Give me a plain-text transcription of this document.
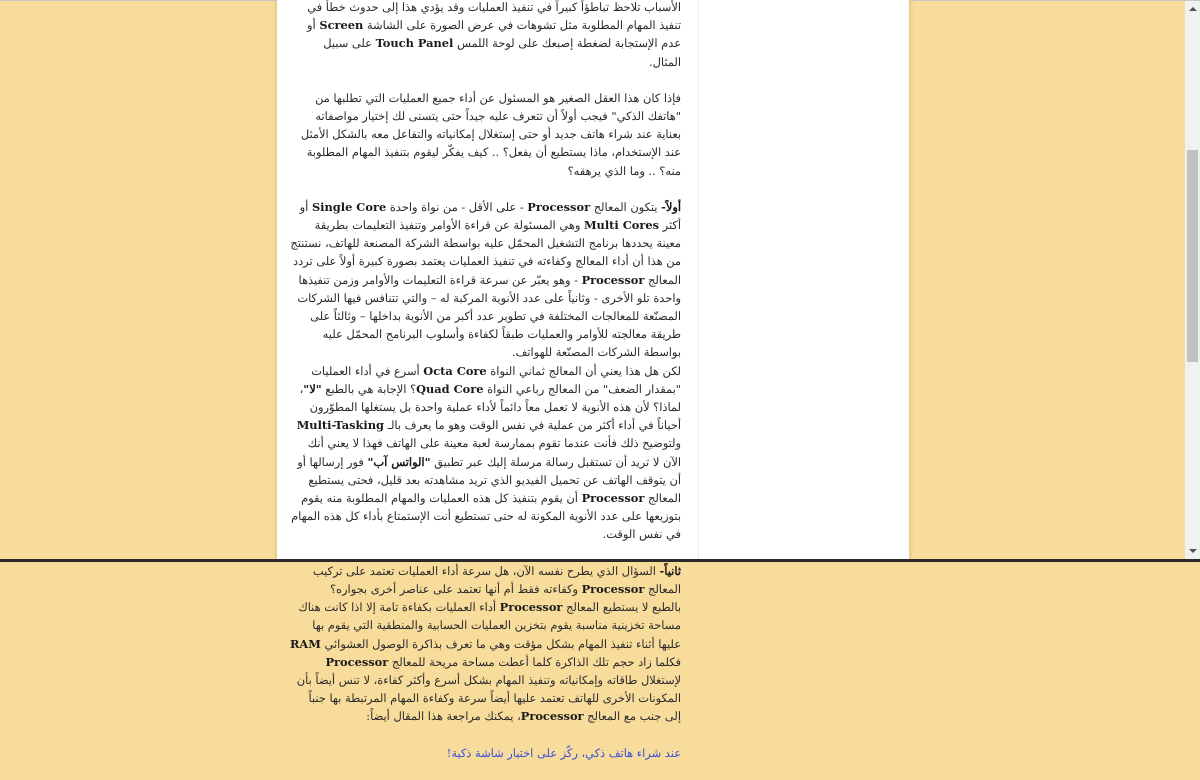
الأسباب تلاحظ تباطؤاً كبيراً في تنفيذ العمليات وقد يؤدي هذا إلى حدوث خطأ في تنفيذ المهام المطلوبة مثل تشوهات في عرض الصورة على الشاشة Screen أو عدم الإستجابة لضغطة إصبعك على لوحة اللمس Touch Panel على سبيل المثال.

فإذا كان هذا العقل الصغير هو المسئول عن أداء جميع العمليات التي تطلبها من "هاتفك الذكي" فيجب أولاً أن تتعرف عليه جيداً حتى يتسنى لك إختيار مواصفاته بعناية عند شراء هاتف جديد أو حتى إستغلال إمكانياته والتفاعل معه بالشكل الأمثل عند الإستخدام، ماذا يستطيع أن يفعل؟ .. كيف يفكّر ليقوم بتنفيذ المهام المطلوبة منه؟ .. وما الذي يرهقه؟

أولاً- يتكون المعالج Processor - على الأقل - من نواة واحدة Single Core أو أكثر Multi Cores وهي المسئولة عن قراءة الأوامر وتنفيذ التعليمات بطريقة معينة يحددها برنامج التشغيل المحمّل عليه بواسطة الشركة المصنعة للهاتف، نستنتج من هذا أن أداء المعالج وكفاءته في تنفيذ العمليات يعتمد بصورة كبيرة أولاً على تردد المعالج Processor - وهو يعبّر عن سرعة قراءة التعليمات والأوامر وزمن تنفيذها واحدة تلو الأخرى - وثانياً على عدد الأنوية المركبة له – والتي تتنافس فيها الشركات المصنّعة للمعالجات المختلفة في تطوير عدد أكبر من الأنوية بداخلها – وثالثاً على طريقة معالجته للأوامر والعمليات طبقاً لكفاءة وأسلوب البرنامج المحمّل عليه بواسطة الشركات المصنّعة للهواتف.

لكن هل هذا يعني أن المعالج ثماني النواة Octa Core أسرع في أداء العمليات "بمقدار الضعف" من المعالج رباعي النواة Quad Core؟ الإجابة هي بالطبع "لا"، لماذا؟ لأن هذه الأنوية لا تعمل معاً دائماً لأداء عملية واحدة بل يستغلها المطوّرون أحياناً في أداء أكثر من عملية في نفس الوقت وهو ما يعرف بالـ Multi-Tasking ولتوضيح ذلك فأنت عندما تقوم بممارسة لعبة معينة على الهاتف فهذا لا يعني أنك الآن لا تريد أن تستقبل رسالة مرسلة إليك عبر تطبيق "الواتس آب" فور إرسالها أو أن يتوقف الهاتف عن تحميل الفيديو الذي تريد مشاهدته بعد قليل، فحتى يستطيع المعالج Processor أن يقوم بتنفيذ كل هذه العمليات والمهام المطلوبة منه يقوم بتوزيعها على عدد الأنوية المكونة له حتى تستطيع أنت الإستمتاع بأداء كل هذه المهام في نفس الوقت.

ثانياً- السؤال الذي يطرح نفسه الآن، هل سرعة أداء العمليات تعتمد على تركيب المعالج Processor وكفاءته فقط أم أنها تعتمد على عناصر أخرى بجواره؟

بالطبع لا يستطيع المعالج Processor أداء العمليات بكفاءة تامة إلا اذا كانت هناك مساحة تخزينية مناسبة يقوم بتخزين العمليات الحسابية والمنطقية التي يقوم بها عليها أثناء تنفيذ المهام بشكل مؤقت وهي ما تعرف بذاكرة الوصول العشوائي RAM فكلما زاد حجم تلك الذاكرة كلما أعطت مساحة مريحة للمعالج Processor لإستغلال طاقاته وإمكانياته وتنفيذ المهام بشكل أسرع وأكثر كفاءة، لا تنس أيضاً بأن المكونات الأخرى للهاتف تعتمد عليها أيضاً سرعة وكفاءة المهام المرتبطة بها جنباً إلى جنب مع المعالج Processor، يمكنك مراجعة هذا المقال أيضاً:

عند شراء هاتف ذكي، ركّز على اختيار شاشة ذكية!
